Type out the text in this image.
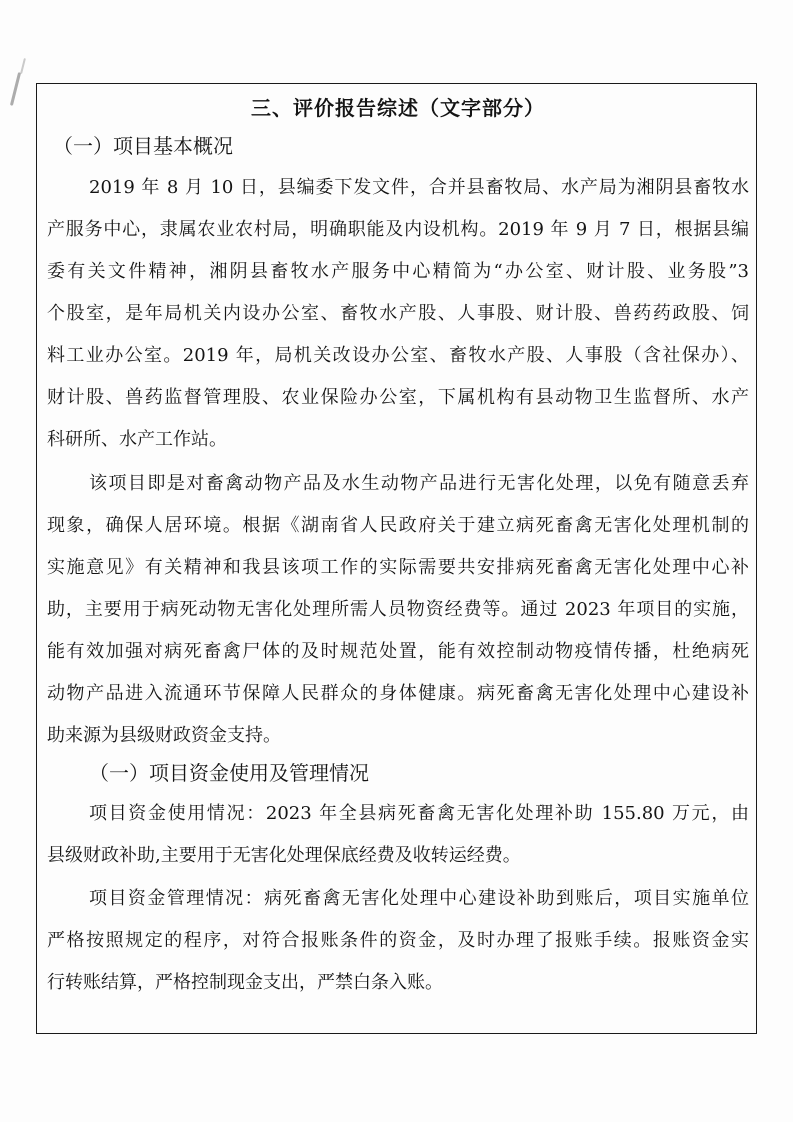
三、评价报告综述（文字部分）
（一）项目基本概况
2019 年 8 月 10 日，县编委下发文件，合并县畜牧局、水产局为湘阴县畜牧水
产服务中心，隶属农业农村局，明确职能及内设机构。2019 年 9 月 7 日，根据县编
委有关文件精神，湘阴县畜牧水产服务中心精简为“办公室、财计股、业务股”3
个股室，是年局机关内设办公室、畜牧水产股、人事股、财计股、兽药药政股、饲
料工业办公室。2019 年，局机关改设办公室、畜牧水产股、人事股（含社保办）、
财计股、兽药监督管理股、农业保险办公室，下属机构有县动物卫生监督所、水产
科研所、水产工作站。
该项目即是对畜禽动物产品及水生动物产品进行无害化处理，以免有随意丢弃
现象，确保人居环境。根据《湖南省人民政府关于建立病死畜禽无害化处理机制的
实施意见》有关精神和我县该项工作的实际需要共安排病死畜禽无害化处理中心补
助，主要用于病死动物无害化处理所需人员物资经费等。通过 2023 年项目的实施，
能有效加强对病死畜禽尸体的及时规范处置，能有效控制动物疫情传播，杜绝病死
动物产品进入流通环节保障人民群众的身体健康。病死畜禽无害化处理中心建设补
助来源为县级财政资金支持。
（一）项目资金使用及管理情况
项目资金使用情况：2023 年全县病死畜禽无害化处理补助 155.80 万元，由
县级财政补助,主要用于无害化处理保底经费及收转运经费。
项目资金管理情况：病死畜禽无害化处理中心建设补助到账后，项目实施单位
严格按照规定的程序，对符合报账条件的资金，及时办理了报账手续。报账资金实
行转账结算，严格控制现金支出，严禁白条入账。
